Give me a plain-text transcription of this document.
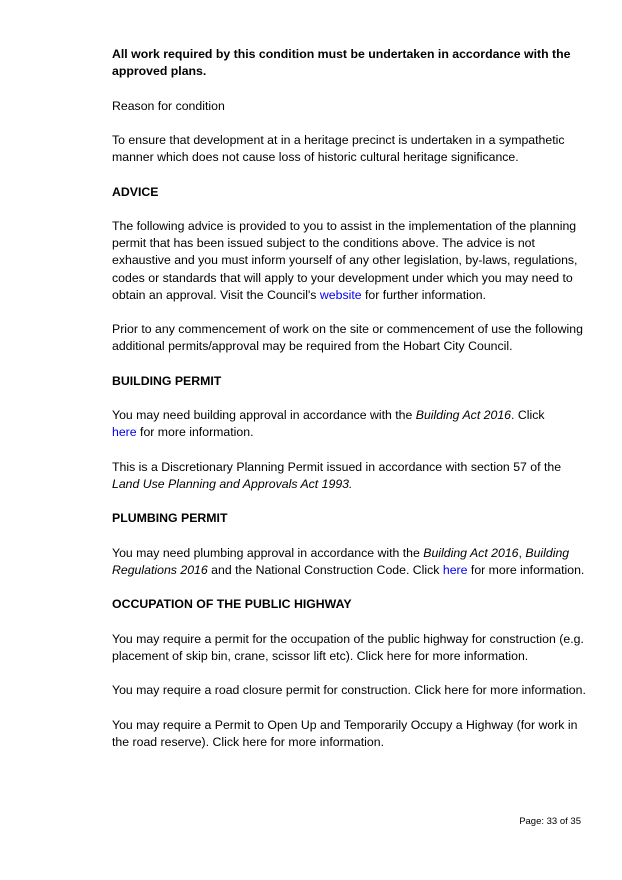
All work required by this condition must be undertaken in accordance with the approved plans.

Reason for condition

To ensure that development at in a heritage precinct is undertaken in a sympathetic manner which does not cause loss of historic cultural heritage significance.

ADVICE

The following advice is provided to you to assist in the implementation of the planning permit that has been issued subject to the conditions above. The advice is not exhaustive and you must inform yourself of any other legislation, by-laws, regulations, codes or standards that will apply to your development under which you may need to obtain an approval. Visit the Council's website for further information.

Prior to any commencement of work on the site or commencement of use the following additional permits/approval may be required from the Hobart City Council.

BUILDING PERMIT

You may need building approval in accordance with the Building Act 2016. Click
here for more information.

This is a Discretionary Planning Permit issued in accordance with section 57 of the
Land Use Planning and Approvals Act 1993.

PLUMBING PERMIT

You may need plumbing approval in accordance with the Building Act 2016, Building Regulations 2016 and the National Construction Code. Click here for more information.

OCCUPATION OF THE PUBLIC HIGHWAY

You may require a permit for the occupation of the public highway for construction (e.g. placement of skip bin, crane, scissor lift etc). Click here for more information.

You may require a road closure permit for construction. Click here for more information.

You may require a Permit to Open Up and Temporarily Occupy a Highway (for work in the road reserve). Click here for more information.

Page: 33 of 35
